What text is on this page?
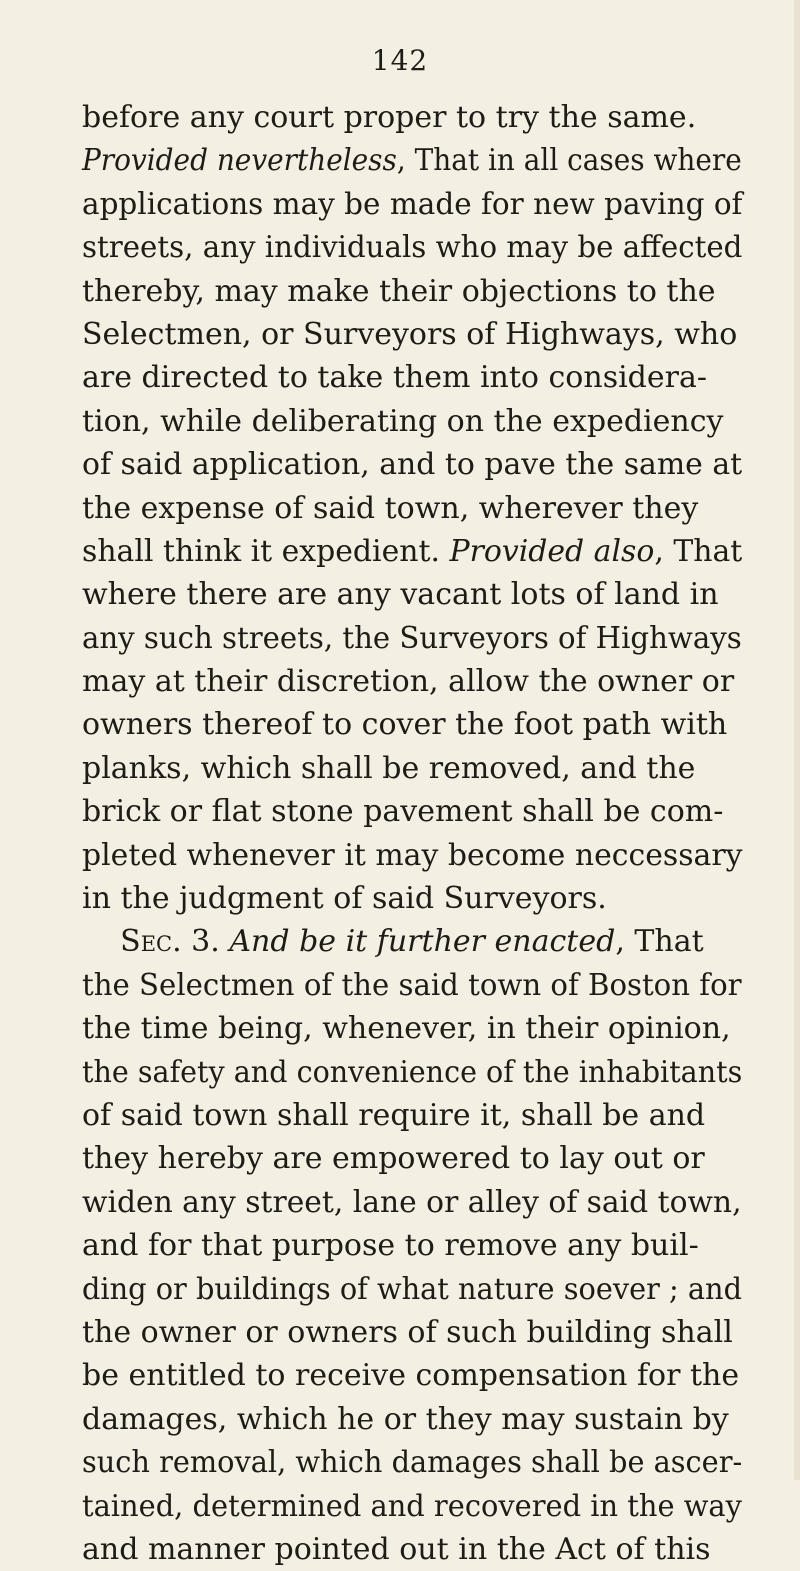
142
before any court proper to try the same.
Provided nevertheless, That in all cases where
applications may be made for new paving of
streets, any individuals who may be affected
thereby, may make their objections to the
Selectmen, or Surveyors of Highways, who
are directed to take them into considera-
tion, while deliberating on the expediency
of said application, and to pave the same at
the expense of said town, wherever they
shall think it expedient. Provided also, That
where there are any vacant lots of land in
any such streets, the Surveyors of Highways
may at their discretion, allow the owner or
owners thereof to cover the foot path with
planks, which shall be removed, and the
brick or flat stone pavement shall be com-
pleted whenever it may become neccessary
in the judgment of said Surveyors.
Sec. 3. And be it further enacted, That
the Selectmen of the said town of Boston for
the time being, whenever, in their opinion,
the safety and convenience of the inhabitants
of said town shall require it, shall be and
they hereby are empowered to lay out or
widen any street, lane or alley of said town,
and for that purpose to remove any buil-
ding or buildings of what nature soever ; and
the owner or owners of such building shall
be entitled to receive compensation for the
damages, which he or they may sustain by
such removal, which damages shall be ascer-
tained, determined and recovered in the way
and manner pointed out in the Act of this
